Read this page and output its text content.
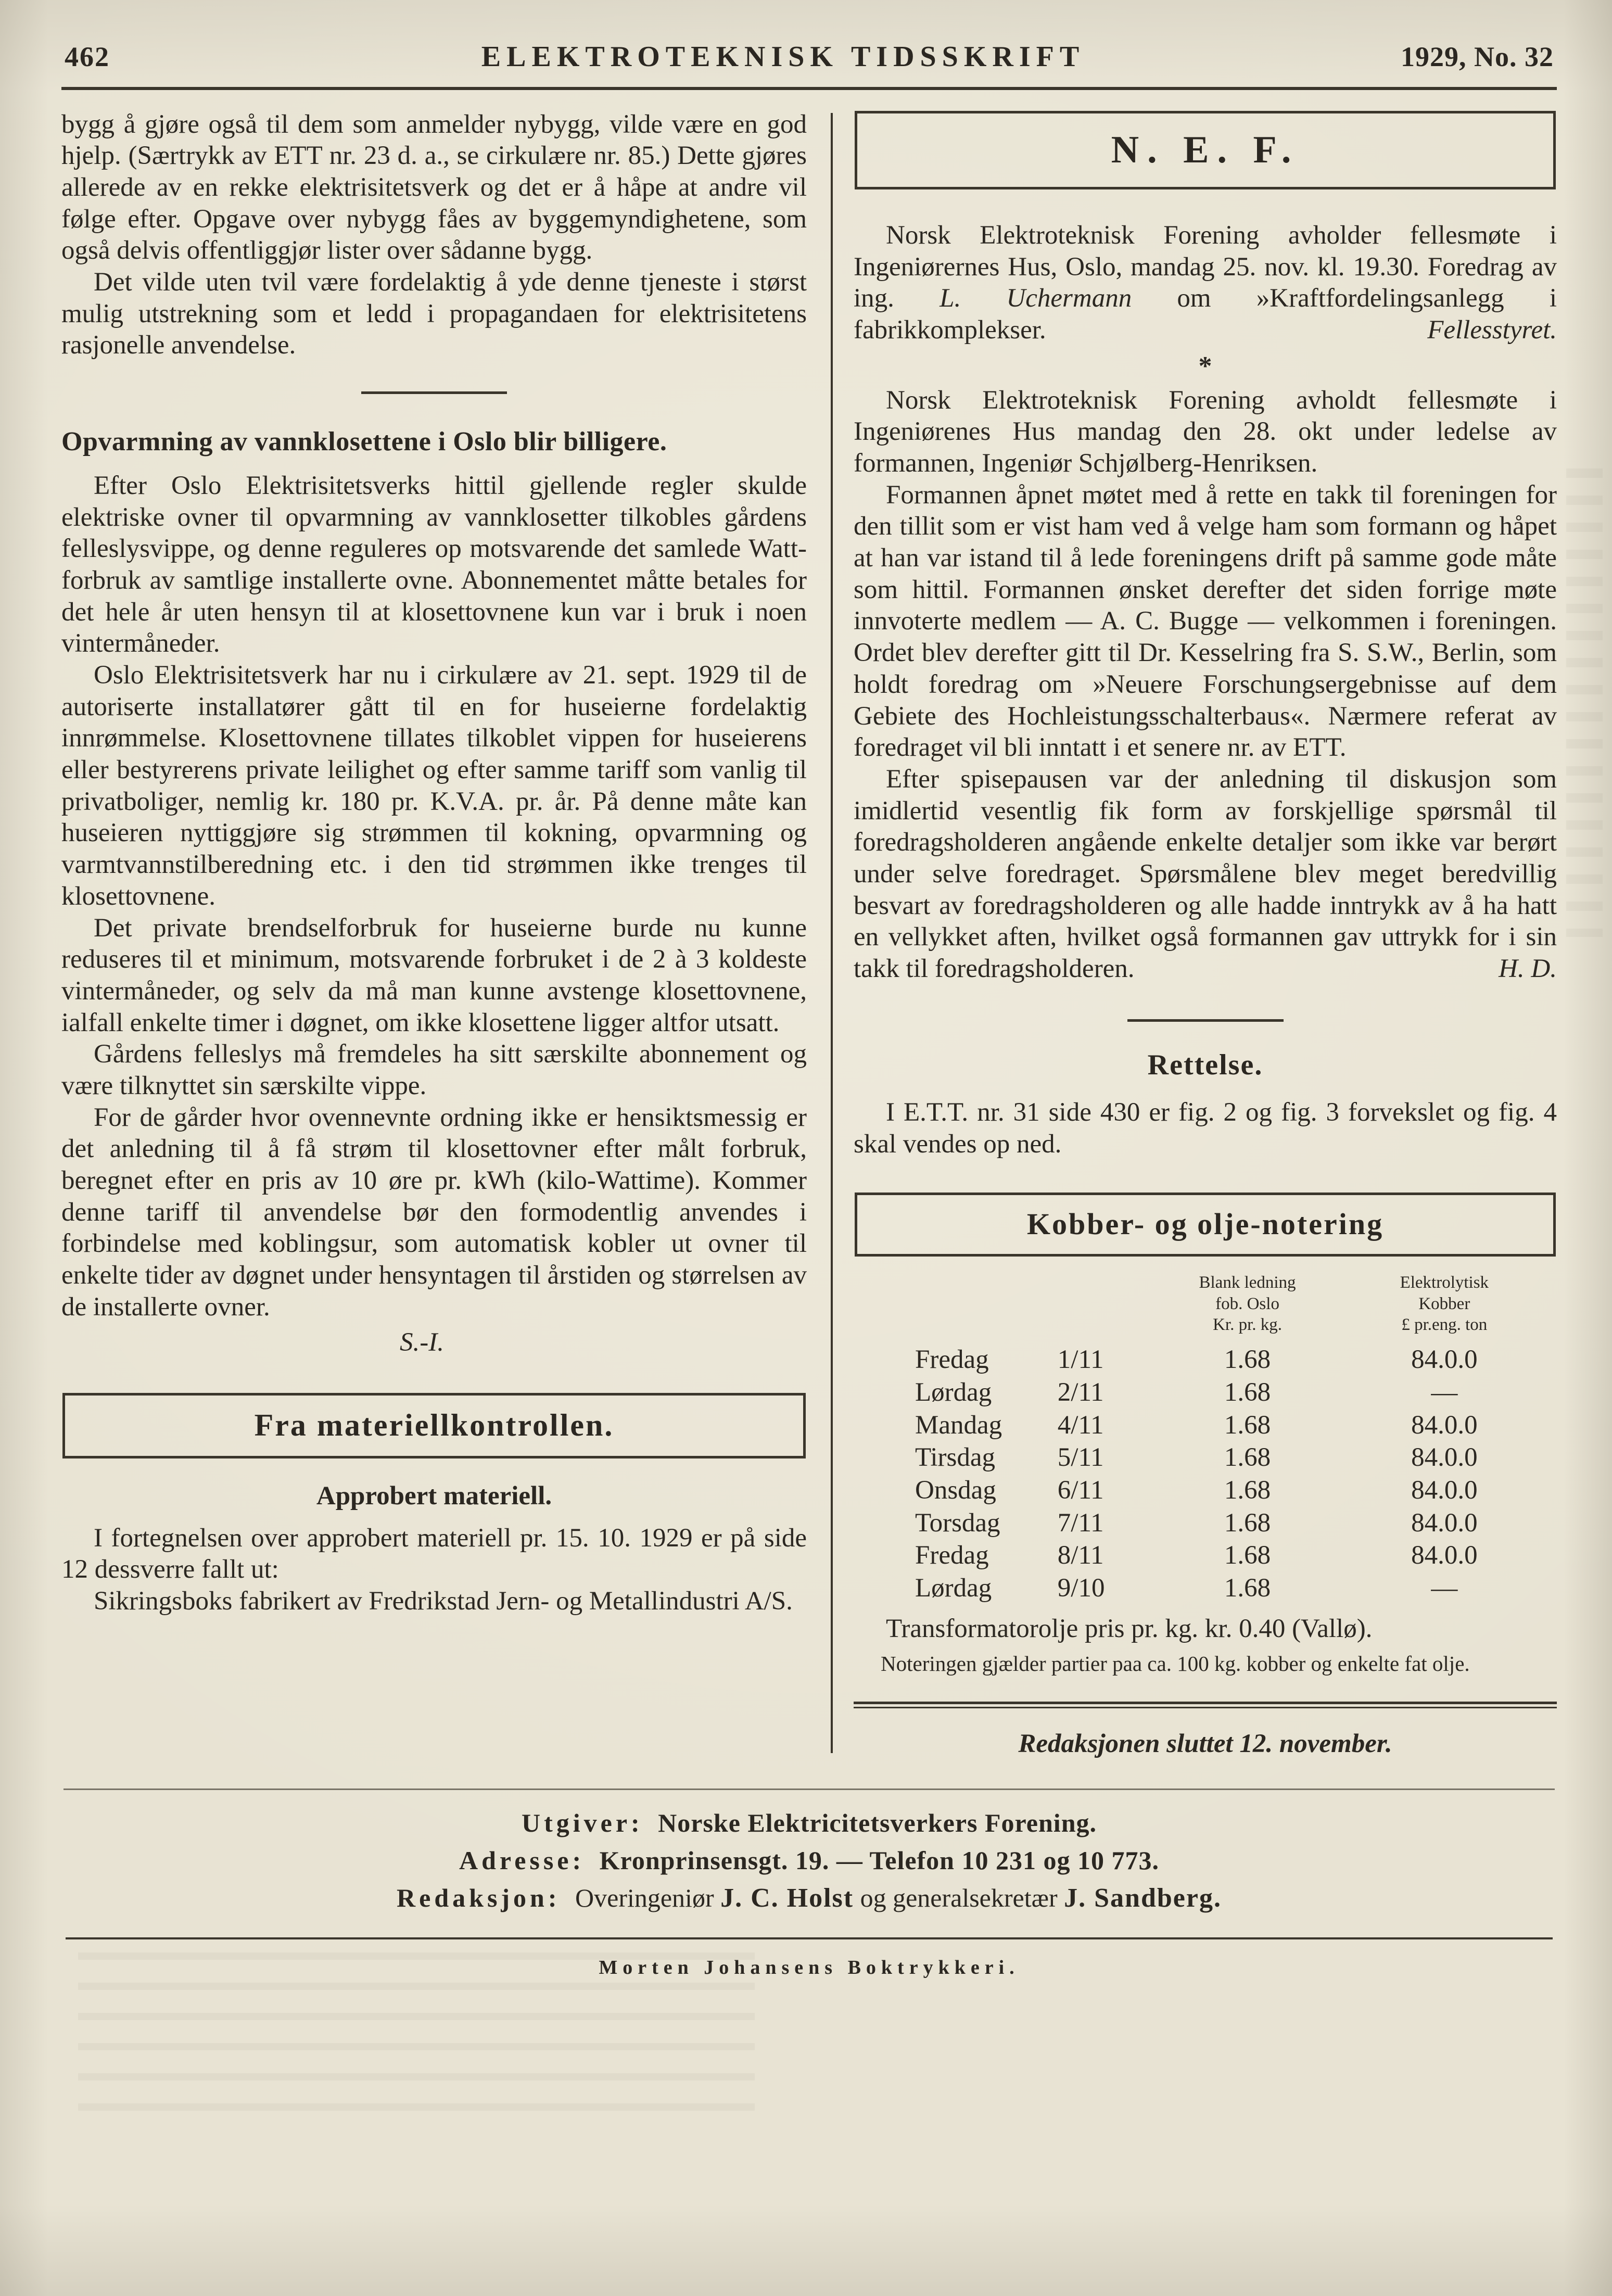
462	ELEKTROTEKNISK TIDSSKRIFT	1929, No. 32

bygg å gjøre også til dem som anmelder nybygg, vilde være en god hjelp. (Særtrykk av ETT nr. 23 d. a., se cirkulære nr. 85.) Dette gjøres allerede av en rekke elektrisitetsverk og det er å håpe at andre vil følge efter. Opgave over nybygg fåes av byggemyndighetene, som også delvis offentliggjør lister over sådanne bygg.

Det vilde uten tvil være fordelaktig å yde denne tjeneste i størst mulig utstrekning som et ledd i propagandaen for elektrisitetens rasjonelle anvendelse.

Opvarmning av vannklosettene i Oslo blir billigere.

Efter Oslo Elektrisitetsverks hittil gjellende regler skulde elektriske ovner til opvarmning av vannklosetter tilkobles gårdens felleslysvippe, og denne reguleres op motsvarende det samlede Watt-forbruk av samtlige installerte ovne. Abonnementet måtte betales for det hele år uten hensyn til at klosettovnene kun var i bruk i noen vintermåneder.

Oslo Elektrisitetsverk har nu i cirkulære av 21. sept. 1929 til de autoriserte installatører gått til en for huseierne fordelaktig innrømmelse. Klosettovnene tillates tilkoblet vippen for huseierens eller bestyrerens private leilighet og efter samme tariff som vanlig til privatboliger, nemlig kr. 180 pr. K.V.A. pr. år. På denne måte kan huseieren nyttiggjøre sig strømmen til kokning, opvarmning og varmtvannstilberedning etc. i den tid strømmen ikke trenges til klosettovnene.

Det private brendselforbruk for huseierne burde nu kunne reduseres til et minimum, motsvarende forbruket i de 2 à 3 koldeste vintermåneder, og selv da må man kunne avstenge klosettovnene, ialfall enkelte timer i døgnet, om ikke klosettene ligger altfor utsatt.

Gårdens felleslys må fremdeles ha sitt særskilte abonnement og være tilknyttet sin særskilte vippe.

For de gårder hvor ovennevnte ordning ikke er hensiktsmessig er det anledning til å få strøm til klosettovner efter målt forbruk, beregnet efter en pris av 10 øre pr. kWh (kilo-Wattime). Kommer denne tariff til anvendelse bør den formodentlig anvendes i forbindelse med koblingsur, som automatisk kobler ut ovner til enkelte tider av døgnet under hensyntagen til årstiden og størrelsen av de installerte ovner.

S.-I.

Fra materiellkontrollen.
Approbert materiell.

I fortegnelsen over approbert materiell pr. 15. 10. 1929 er på side 12 dessverre fallt ut:

Sikringsboks fabrikert av Fredrikstad Jern- og Metallindustri A/S.

N. E. F.

Norsk Elektroteknisk Forening avholder fellesmøte i Ingeniørernes Hus, Oslo, mandag 25. nov. kl. 19.30. Foredrag av ing. L. Uchermann om »Kraftfordelingsanlegg i fabrikkomplekser.	Fellesstyret.

*

Norsk Elektroteknisk Forening avholdt fellesmøte i Ingeniørenes Hus mandag den 28. okt under ledelse av formannen, Ingeniør Schjølberg-Henriksen.

Formannen åpnet møtet med å rette en takk til foreningen for den tillit som er vist ham ved å velge ham som formann og håpet at han var istand til å lede foreningens drift på samme gode måte som hittil. Formannen ønsket derefter det siden forrige møte innvoterte medlem — A. C. Bugge — velkommen i foreningen. Ordet blev derefter gitt til Dr. Kesselring fra S. S.W., Berlin, som holdt foredrag om »Neuere Forschungsergebnisse auf dem Gebiete des Hochleistungsschalterbaus«. Nærmere referat av foredraget vil bli inntatt i et senere nr. av ETT.

Efter spisepausen var der anledning til diskusjon som imidlertid vesentlig fik form av forskjellige spørsmål til foredragsholderen angående enkelte detaljer som ikke var berørt under selve foredraget. Spørsmålene blev meget beredvillig besvart av foredragsholderen og alle hadde inntrykk av å ha hatt en vellykket aften, hvilket også formannen gav uttrykk for i sin takk til foredragsholderen.	H. D.

Rettelse.

I E.T.T. nr. 31 side 430 er fig. 2 og fig. 3 forvekslet og fig. 4 skal vendes op ned.

Kobber- og olje-notering

Blank ledning
fob. Oslo
Kr. pr. kg.

Elektrolytisk
Kobber
£ pr.eng. ton

Fredag	1/11	1.68	84.0.0
Lørdag	2/11	1.68	—
Mandag	4/11	1.68	84.0.0
Tirsdag	5/11	1.68	84.0.0
Onsdag	6/11	1.68	84.0.0
Torsdag	7/11	1.68	84.0.0
Fredag	8/11	1.68	84.0.0
Lørdag	9/10	1.68	—

Transformatorolje pris pr. kg. kr. 0.40 (Vallø).

Noteringen gjælder partier paa ca. 100 kg. kobber og enkelte fat olje.

Redaksjonen sluttet 12. november.

Utgiver: Norske Elektricitetsverkers Forening.
Adresse: Kronprinsensgt. 19. — Telefon 10 231 og 10 773.
Redaksjon: Overingeniør J. C. Holst og generalsekretær J. Sandberg.
Morten Johansens Boktrykkeri.
